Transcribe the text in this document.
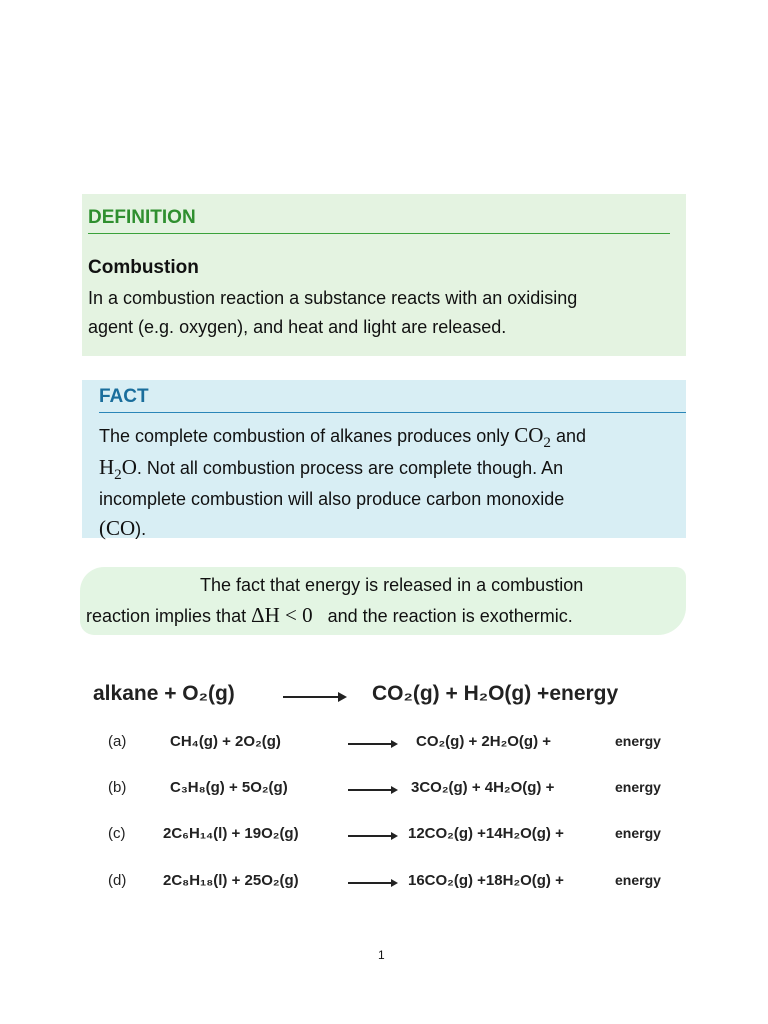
DEFINITION
Combustion
In a combustion reaction a substance reacts with an oxidising
agent (e.g. oxygen), and heat and light are released.
FACT
The complete combustion of alkanes produces only $CO_2$ and
$H_2O$. Not all combustion process are complete though. An
incomplete combustion will also produce carbon monoxide
(CO).
The fact that energy is released in a combustion
reaction implies that ΔH < 0   and the reaction is exothermic.
alkane + O₂(g) → CO₂(g) + H₂O(g) +energy
(a)	CH₄(g) + 2O₂(g)	→ CO₂(g) + 2H₂O(g) +	energy
(b)	C₃H₈(g) + 5O₂(g)	→ 3CO₂(g) + 4H₂O(g) +	energy
(c)	2C₆H₁₄(l) + 19O₂(g)	→ 12CO₂(g) +14H₂O(g) +	energy
(d) 2C₈H₁₈(l) + 25O₂(g)	→ 16CO₂(g) +18H₂O(g) +	energy
1
